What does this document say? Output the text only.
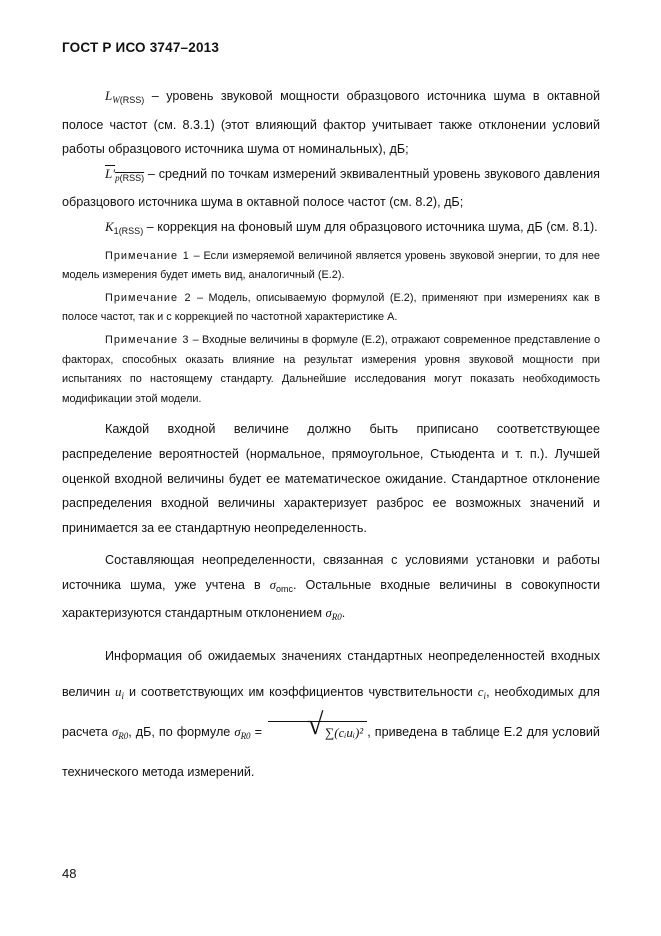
ГОСТ Р ИСО 3747–2013

$L_{W(RSS)}$ – уровень звуковой мощности образцового источника шума в октавной полосе частот (см. 8.3.1) (этот влияющий фактор учитывает также отклонении условий работы образцового источника шума от номинальных), дБ;

$L'_{p(RSS)}$ – средний по точкам измерений эквивалентный уровень звукового давления образцового источника шума в октавной полосе частот (см. 8.2), дБ;

$K_{1(RSS)}$ – коррекция на фоновый шум для образцового источника шума, дБ (см. 8.1).

Примечание 1 – Если измеряемой величиной является уровень звуковой энергии, то для нее модель измерения будет иметь вид, аналогичный (Е.2).

Примечание 2 – Модель, описываемую формулой (Е.2), применяют при измерениях как в полосе частот, так и с коррекцией по частотной характеристике А.

Примечание 3 – Входные величины в формуле (Е.2), отражают современное представление о факторах, способных оказать влияние на результат измерения уровня звуковой мощности при испытаниях по настоящему стандарту. Дальнейшие исследования могут показать необходимость модификации этой модели.

Каждой входной величине должно быть приписано соответствующее распределение вероятностей (нормальное, прямоугольное, Стьюдента и т. п.). Лучшей оценкой входной величины будет ее математическое ожидание. Стандартное отклонение распределения входной величины характеризует разброс ее возможных значений и принимается за ее стандартную неопределенность.

Составляющая неопределенности, связанная с условиями установки и работы источника шума, уже учтена в $\sigma_{omc}$. Остальные входные величины в совокупности характеризуются стандартным отклонением $\sigma_{R0}$.

Информация об ожидаемых значениях стандартных неопределенностей входных величин $u_i$ и соответствующих им коэффициентов чувствительности $c_i$, необходимых для расчета $\sigma_{R0}$, дБ, по формуле $\sigma_{R0}$ =	√ ∑(cᵢuᵢ)² , приведена в таблице Е.2 для условий технического метода измерений.

48
